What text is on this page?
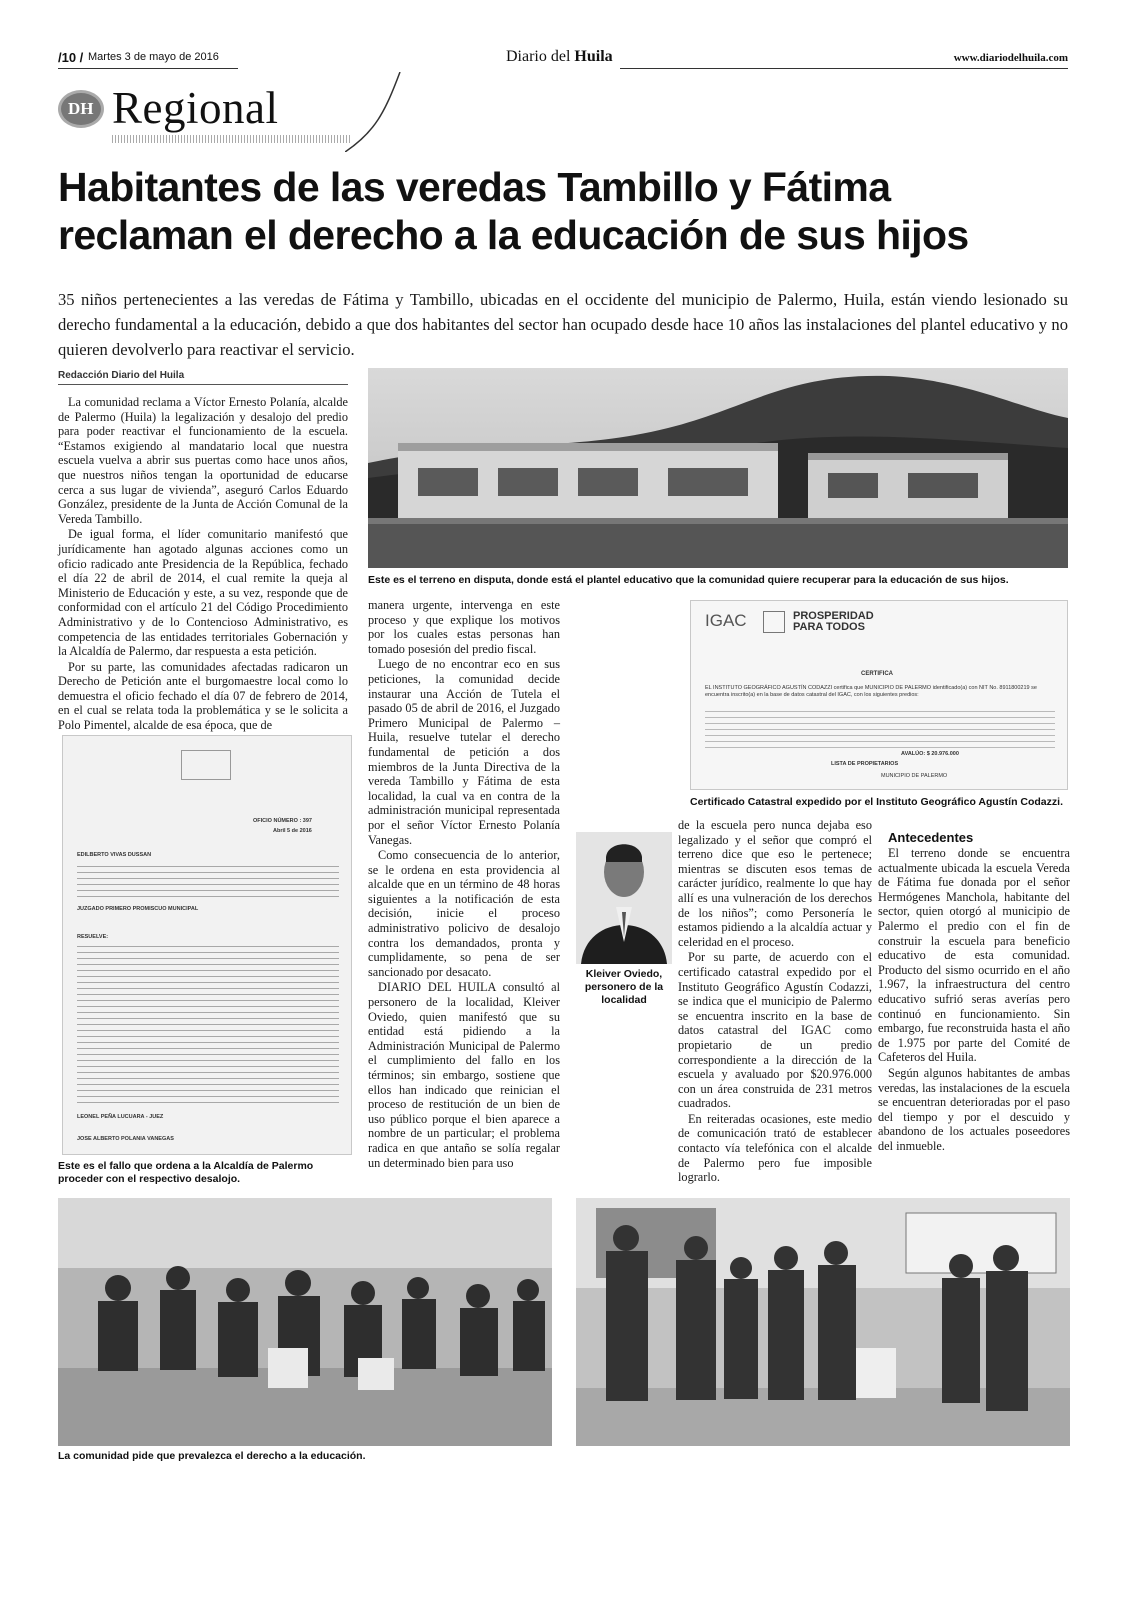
/10 / Martes 3 de mayo de 2016	Diario del Huila	www.diariodelhuila.com
DH Regional
Habitantes de las veredas Tambillo y Fátima
reclaman el derecho a la educación de sus hijos
35 niños pertenecientes a las veredas de Fátima y Tambillo, ubicadas en el occidente del municipio de Palermo, Huila, están viendo lesionado su derecho fundamental a la educación, debido a que dos habitantes del sector han ocupado desde hace 10 años las instalaciones del plantel educativo y no quieren devolverlo para reactivar el servicio.
Redacción Diario del Huila

La comunidad reclama a Víctor Ernesto Polanía, alcalde de Palermo (Huila) la legalización y desalojo del predio para poder reactivar el funcionamiento de la escuela. “Estamos exigiendo al mandatario local que nuestra escuela vuelva a abrir sus puertas como hace unos años, que nuestros niños tengan la oportunidad de educarse cerca a sus lugar de vivienda”, aseguró Carlos Eduardo González, presidente de la Junta de Acción Comunal de la Vereda Tambillo.

De igual forma, el líder comunitario manifestó que jurídicamente han agotado algunas acciones como un oficio radicado ante Presidencia de la República, fechado el día 22 de abril de 2014, el cual remite la queja al Ministerio de Educación y este, a su vez, responde que de conformidad con el artículo 21 del Código Procedimiento Administrativo y de lo Contencioso Administrativo, es competencia de las entidades territoriales Gobernación y la Alcaldía de Palermo, dar respuesta a esta petición.

Por su parte, las comunidades afectadas radicaron un Derecho de Petición ante el burgomaestre local como lo demuestra el oficio fechado el día 07 de febrero de 2014, en el cual se relata toda la problemática y se le solicita a Polo Pimentel, alcalde de esa época, que de

Este es el terreno en disputa, donde está el plantel educativo que la comunidad quiere recuperar para la educación de sus hijos.

manera urgente, intervenga en este proceso y que explique los motivos por los cuales estas personas han tomado posesión del predio fiscal.

Luego de no encontrar eco en sus peticiones, la comunidad decide instaurar una Acción de Tutela el pasado 05 de abril de 2016, el Juzgado Primero Municipal de Palermo – Huila, resuelve tutelar el derecho fundamental de petición a dos miembros de la Junta Directiva de la vereda Tambillo y Fátima de esta localidad, la cual va en contra de la administración municipal representada por el señor Víctor Ernesto Polanía Vanegas.

Como consecuencia de lo anterior, se le ordena en esta providencia al alcalde que en un término de 48 horas siguientes a la notificación de esta decisión, inicie el proceso administrativo policivo de desalojo contra los demandados, pronta y cumplidamente, so pena de ser sancionado por desacato.

DIARIO DEL HUILA consultó al personero de la localidad, Kleiver Oviedo, quien manifestó que su entidad está pidiendo a la Administración Municipal de Palermo el cumplimiento del fallo en los términos; sin embargo, sostiene que ellos han indicado que reinician el proceso de restitución de un bien de uso público porque el bien aparece a nombre de un particular; el problema radica en que antaño se solía regalar un determinado bien para uso

OFICIO NÚMERO : 397
Abril 5 de 2016
EDILBERTO VIVAS DUSSAN
JUZGADO PRIMERO PROMISCUO MUNICIPAL
RESUELVE:
LEONEL PEÑA LUCUARA - JUEZ
JOSE ALBERTO POLANIA VANEGAS
Este es el fallo que ordena a la Alcaldía de Palermo proceder con el respectivo desalojo.
IGAC	PROSPERIDAD
PARA TODOS
CERTIFICA
EL INSTITUTO GEOGRÁFICO AGUSTÍN CODAZZI certifica que MUNICIPIO DE PALERMO identificado(a) con NIT No. 8911800219 se encuentra inscrito(a) en la base de datos catastral del IGAC, con los siguientes predios:
AVALÚO: $ 20.976.000
LISTA DE PROPIETARIOS
MUNICIPIO DE PALERMO
Certificado Catastral expedido por el Instituto Geográfico Agustín Codazzi.
Kleiver Oviedo, personero de la localidad

de la escuela pero nunca dejaba eso legalizado y el señor que compró el terreno dice que eso le pertenece; mientras se discuten esos temas de carácter jurídico, realmente lo que hay allí es una vulneración de los derechos de los niños”; como Personería le estamos pidiendo a la alcaldía actuar y celeridad en el proceso.

Por su parte, de acuerdo con el certificado catastral expedido por el Instituto Geográfico Agustín Codazzi, se indica que el municipio de Palermo se encuentra inscrito en la base de datos catastral del IGAC como propietario de un predio correspondiente a la dirección de la escuela y avaluado por $20.976.000 con un área construida de 231 metros cuadrados.

En reiteradas ocasiones, este medio de comunicación trató de establecer contacto vía telefónica con el alcalde de Palermo pero fue imposible lograrlo.

Antecedentes

El terreno donde se encuentra actualmente ubicada la escuela Vereda de Fátima fue donada por el señor Hermógenes Manchola, habitante del sector, quien otorgó al municipio de Palermo el predio con el fin de construir la escuela para beneficio educativo de esta comunidad. Producto del sismo ocurrido en el año 1.967, la infraestructura del centro educativo sufrió seras averías pero continuó en funcionamiento. Sin embargo, fue reconstruida hasta el año de 1.975 por parte del Comité de Cafeteros del Huila.

Según algunos habitantes de ambas veredas, las instalaciones de la escuela se encuentran deterioradas por el paso del tiempo y por el descuido y abandono de los actuales poseedores del inmueble.

La comunidad pide que prevalezca el derecho a la educación.
